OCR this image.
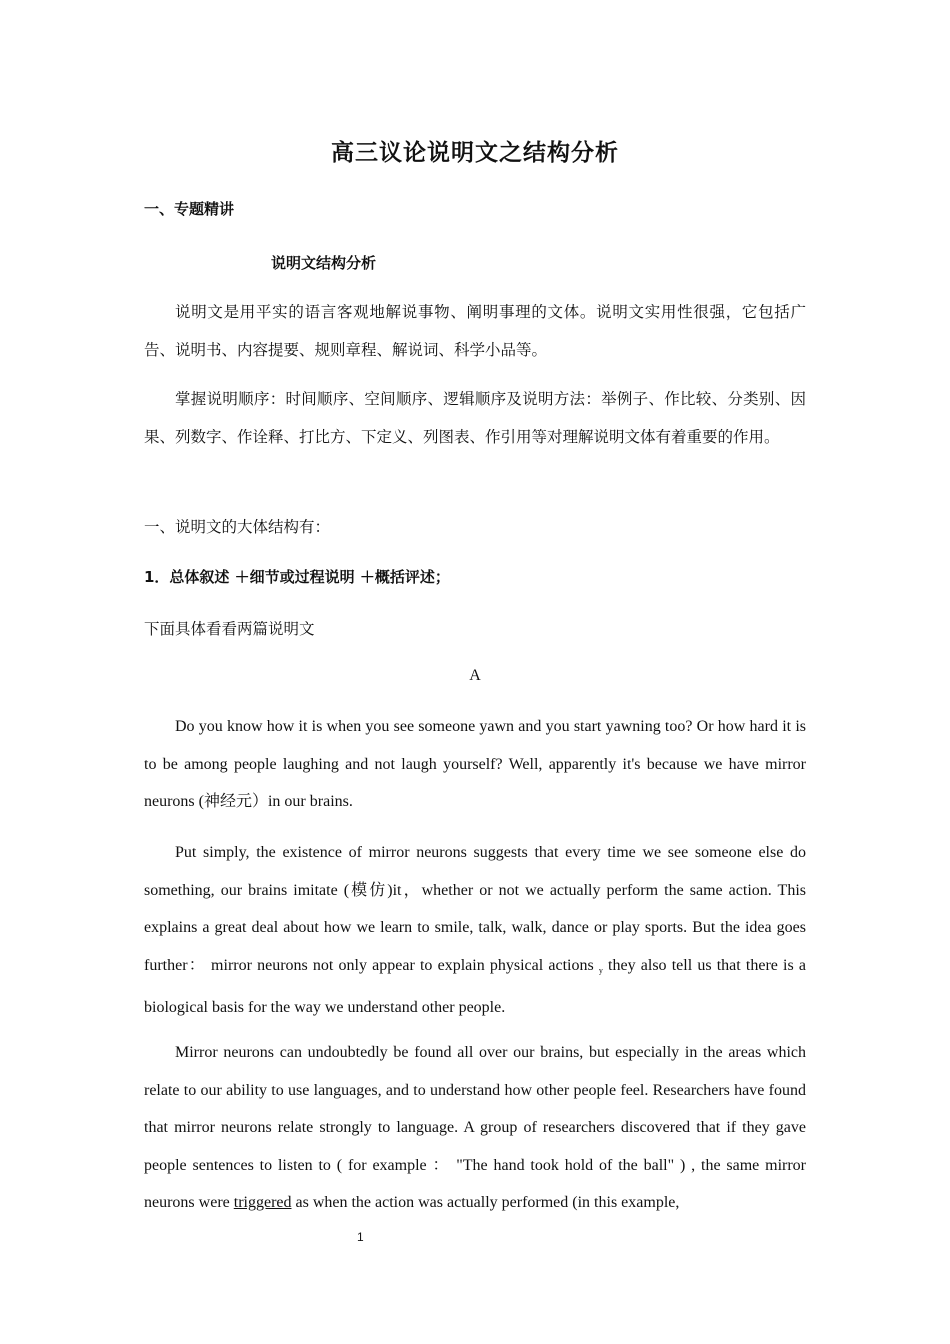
高三议论说明文之结构分析

一、专题精讲

说明文结构分析

说明文是用平实的语言客观地解说事物、阐明事理的文体。说明文实用性很强，它包括广告、说明书、内容提要、规则章程、解说词、科学小品等。

掌握说明顺序：时间顺序、空间顺序、逻辑顺序及说明方法：举例子、作比较、分类别、因果、列数字、作诠释、打比方、下定义、列图表、作引用等对理解说明文体有着重要的作用。

一、说明文的大体结构有：

1．总体叙述 ＋细节或过程说明 ＋概括评述；

下面具体看看两篇说明文

A

Do you know how it is when you see someone yawn and you start yawning too? Or how hard it is to be among people laughing and not laugh yourself? Well, apparently it's because we have mirror neurons (神经元）in our brains.

Put simply, the existence of mirror neurons suggests that every time we see someone else do something, our brains imitate (模仿)it，whether or not we actually perform the same action. This explains a great deal about how we learn to smile, talk, walk, dance or play sports. But the idea goes further： mirror neurons not only appear to explain physical actions y they also tell us that there is a biological basis for the way we understand other people.

Mirror neurons can undoubtedly be found all over our brains, but especially in the areas which relate to our ability to use languages, and to understand how other people feel. Researchers have found that mirror neurons relate strongly to language. A group of researchers discovered that if they gave people sentences to listen to ( for example ： "The hand took hold of the ball" ) , the same mirror neurons were triggered as when the action was actually performed (in this example,

1
